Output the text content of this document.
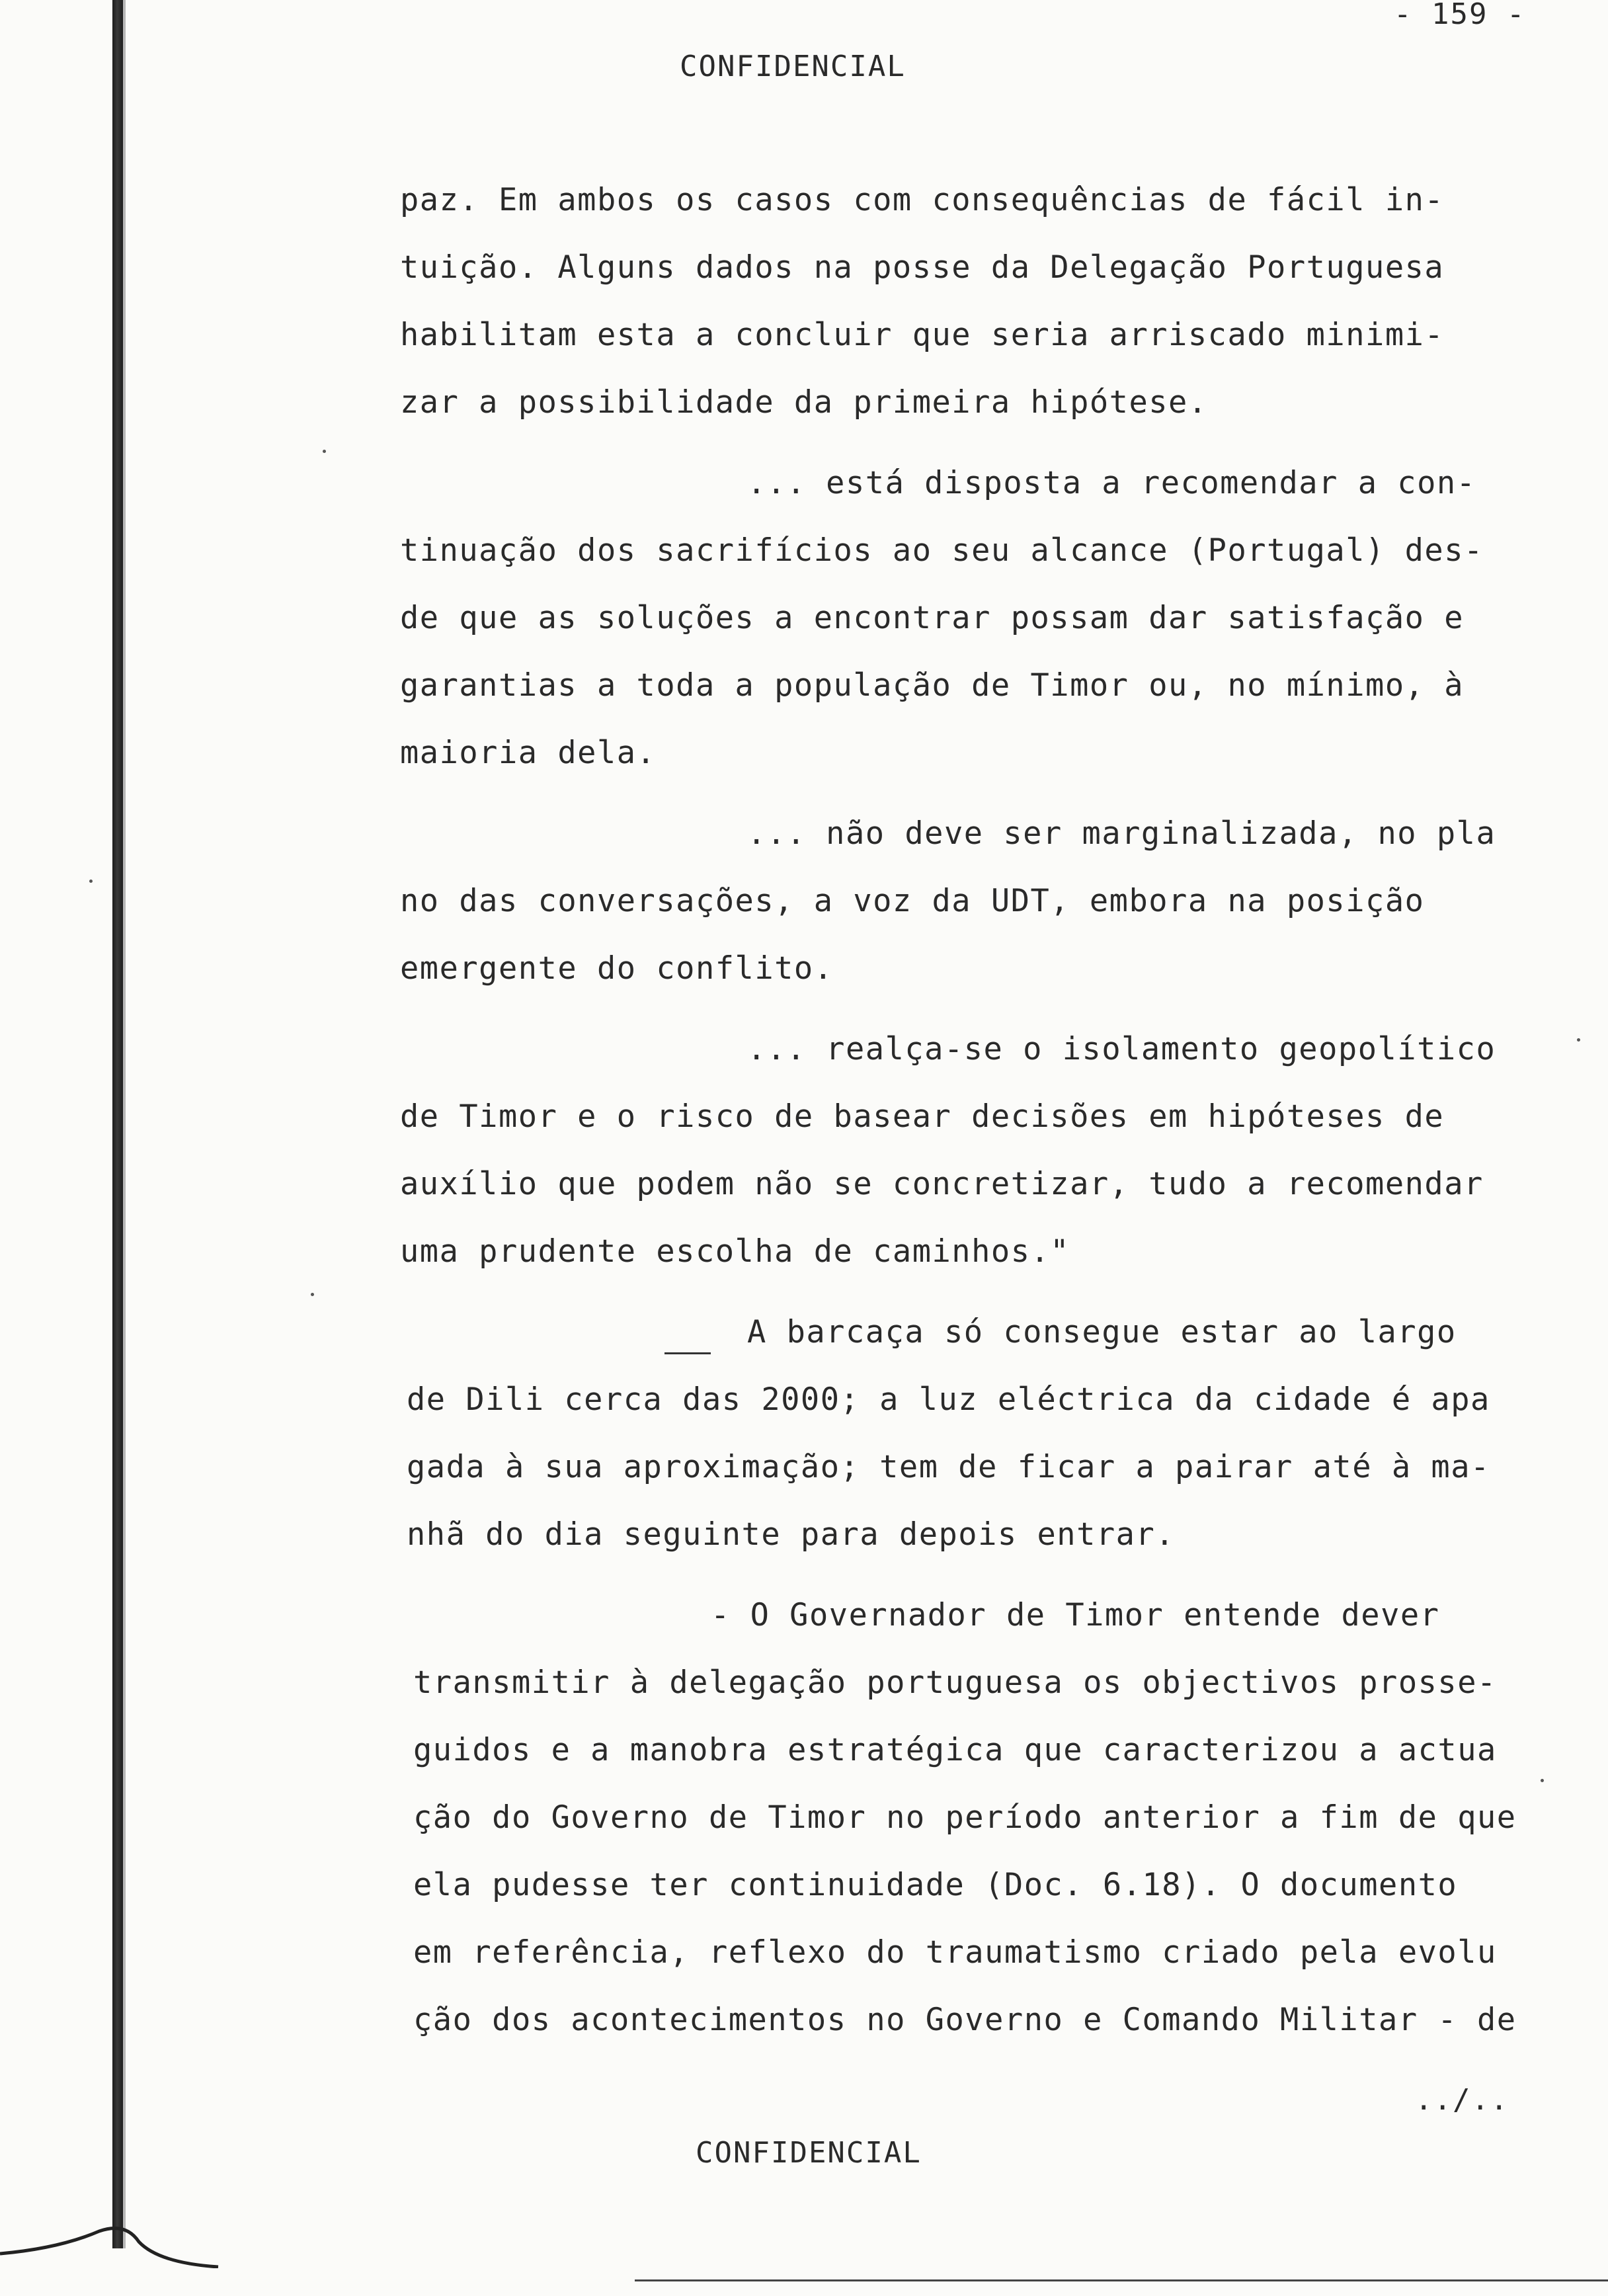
- 159 -
CONFIDENCIAL
paz. Em ambos os casos com consequências de fácil in-
tuição. Alguns dados na posse da Delegação Portuguesa
habilitam esta a concluir que seria arriscado minimi-
zar a possibilidade da primeira hipótese.
... está disposta a recomendar a con-
tinuação dos sacrifícios ao seu alcance (Portugal) des-
de que as soluções a encontrar possam dar satisfação e
garantias a toda a população de Timor ou, no mínimo, à
maioria dela.
... não deve ser marginalizada, no pla
no das conversações, a voz da UDT, embora na posição
emergente do conflito.
... realça-se o isolamento geopolítico
de Timor e o risco de basear decisões em hipóteses de
auxílio que podem não se concretizar, tudo a recomendar
uma prudente escolha de caminhos."
A barcaça só consegue estar ao largo
de Dili cerca das 2000; a luz eléctrica da cidade é apa
gada à sua aproximação; tem de ficar a pairar até à ma-
nhã do dia seguinte para depois entrar.
- O Governador de Timor entende dever
transmitir à delegação portuguesa os objectivos prosse-
guidos e a manobra estratégica que caracterizou a actua
ção do Governo de Timor no período anterior a fim de que
ela pudesse ter continuidade (Doc. 6.18). O documento
em referência, reflexo do traumatismo criado pela evolu
ção dos acontecimentos no Governo e Comando Militar - de
../..
CONFIDENCIAL
